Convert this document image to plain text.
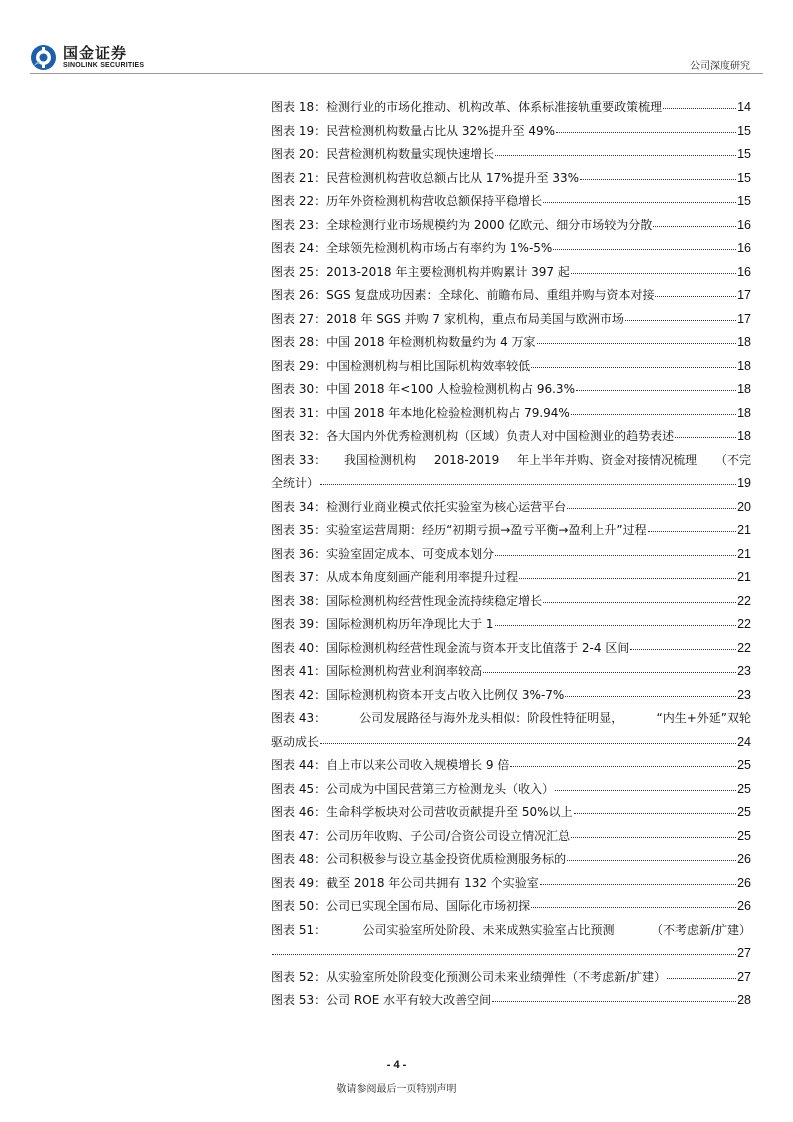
国金证券
SINOLINK SECURITIES	公司深度研究
图表 18： 检测行业的市场化推动、机构改革、体系标准接轨重要政策梳理	14
图表 19： 民营检测机构数量占比从 32%提升至 49%	15
图表 20： 民营检测机构数量实现快速增长	15
图表 21： 民营检测机构营收总额占比从 17%提升至 33%	15
图表 22： 历年外资检测机构营收总额保持平稳增长	15
图表 23： 全球检测行业市场规模约为 2000 亿欧元、细分市场较为分散	16
图表 24： 全球领先检测机构市场占有率约为 1%-5%	16
图表 25： 2013-2018 年主要检测机构并购累计 397 起	16
图表 26： SGS 复盘成功因素：全球化、前瞻布局、重组并购与资本对接	17
图表 27： 2018 年 SGS 并购 7 家机构，重点布局美国与欧洲市场	17
图表 28： 中国 2018 年检测机构数量约为 4 万家	18
图表 29： 中国检测机构与相比国际机构效率较低	18
图表 30： 中国 2018 年<100 人检验检测机构占 96.3%	18
图表 31： 中国 2018 年本地化检验检测机构占 79.94%	18
图表 32： 各大国内外优秀检测机构（区域）负责人对中国检测业的趋势表述	18
图表 33： 我国检测机构 2018-2019 年上半年并购、资金对接情况梳理 （不完
全统计）	19
图表 34： 检测行业商业模式依托实验室为核心运营平台	20
图表 35： 实验室运营周期：经历“初期亏损→盈亏平衡→盈利上升”过程	21
图表 36： 实验室固定成本、可变成本划分	21
图表 37： 从成本角度刻画产能利用率提升过程	21
图表 38： 国际检测机构经营性现金流持续稳定增长	22
图表 39： 国际检测机构历年净现比大于 1	22
图表 40： 国际检测机构经营性现金流与资本开支比值落于 2-4 区间	22
图表 41： 国际检测机构营业利润率较高	23
图表 42： 国际检测机构资本开支占收入比例仅 3%-7%	23
图表 43：	公司发展路径与海外龙头相似：阶段性特征明显，	“内生+外延”双轮
驱动成长	24
图表 44： 自上市以来公司收入规模增长 9 倍	25
图表 45： 公司成为中国民营第三方检测龙头（收入）	25
图表 46： 生命科学板块对公司营收贡献提升至 50%以上	25
图表 47： 公司历年收购、子公司/合资公司设立情况汇总	25
图表 48： 公司积极参与设立基金投资优质检测服务标的	26
图表 49： 截至 2018 年公司共拥有 132 个实验室	26
图表 50： 公司已实现全国布局、国际化市场初探	26
图表 51：	公司实验室所处阶段、未来成熟实验室占比预测	（不考虑新/扩建）
27
图表 52： 从实验室所处阶段变化预测公司未来业绩弹性（不考虑新/扩建）	27
图表 53： 公司 ROE 水平有较大改善空间	28
- 4 -
敬请参阅最后一页特别声明
